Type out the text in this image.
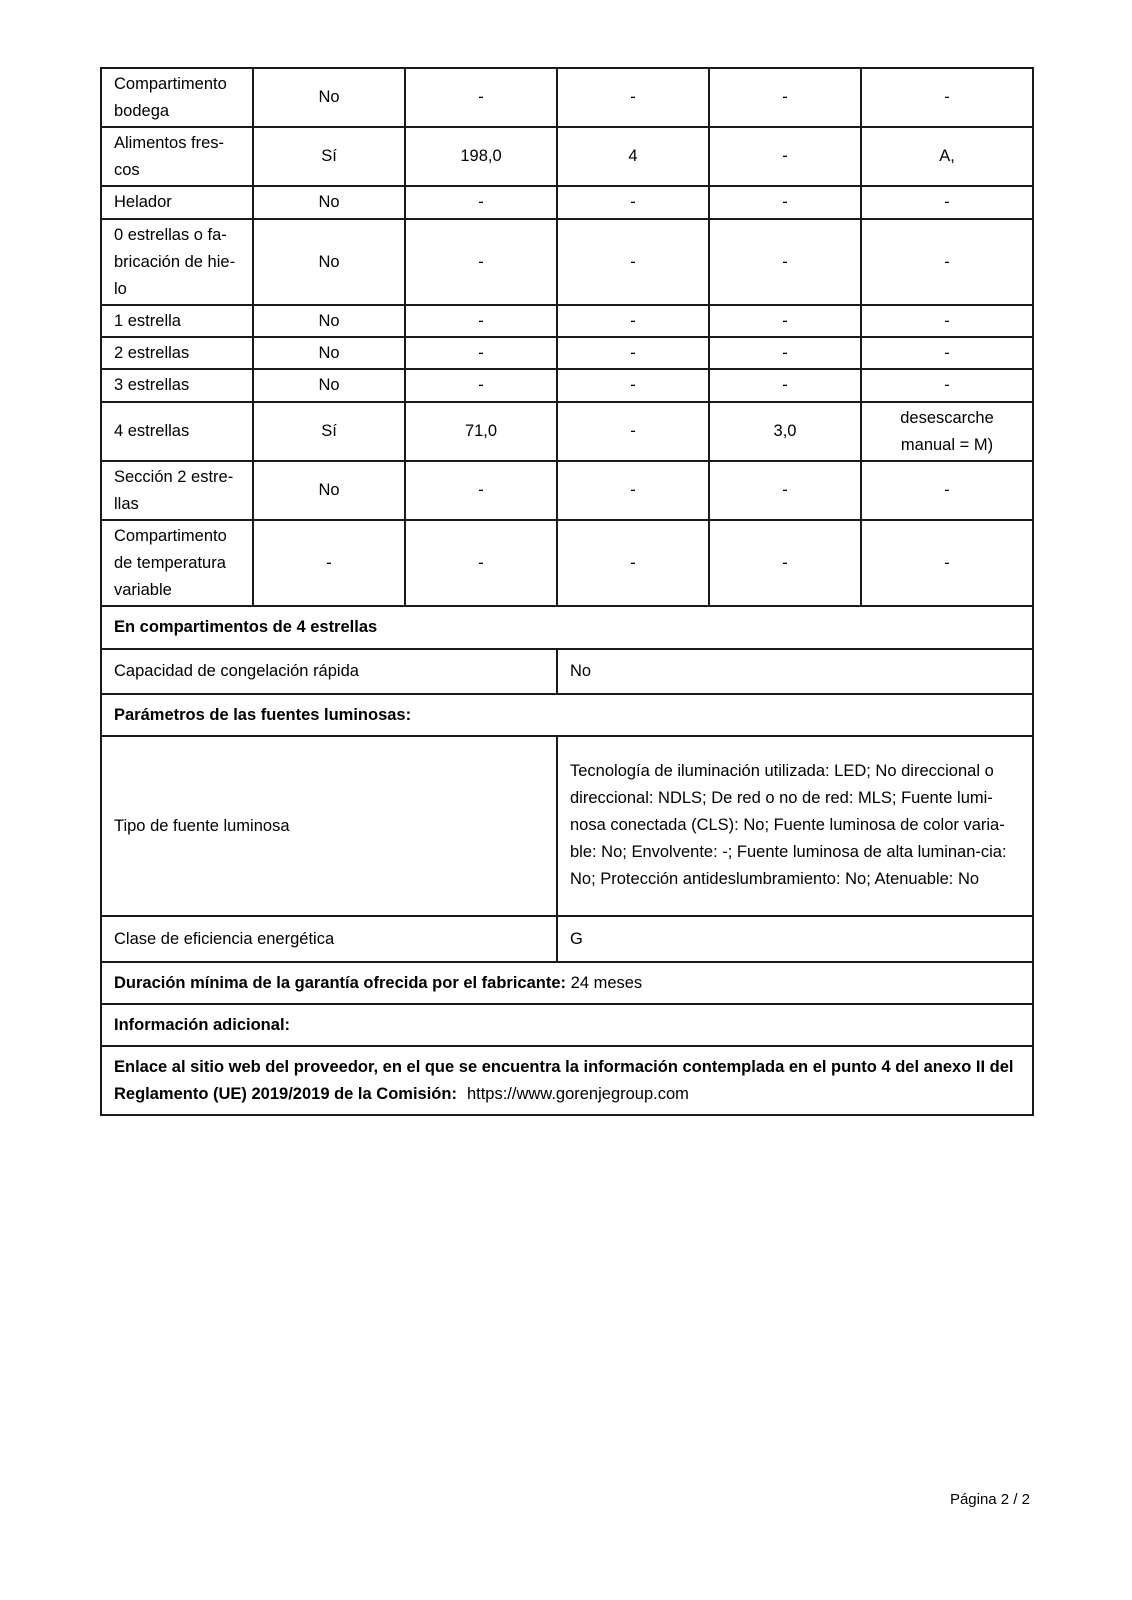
Compartimento bodega	No	-	-	-	-
Alimentos fres-cos	Sí	198,0	4	-	A,
Helador	No	-	-	-	-
0 estrellas o fa-bricación de hie-lo	No	-	-	-	-
1 estrella	No	-	-	-	-
2 estrellas	No	-	-	-	-
3 estrellas	No	-	-	-	-
4 estrellas	Sí	71,0	-	3,0	desescarche manual = M)
Sección 2 estre-llas	No	-	-	-	-
Compartimento de temperatura variable	-	-	-	-	-
En compartimentos de 4 estrellas					
Capacidad de congelación rápida			No		
Parámetros de las fuentes luminosas:					
Tipo de fuente luminosa			Tecnología de iluminación utilizada: LED; No direccional o direccional: NDLS; De red o no de red: MLS; Fuente lumi-nosa conectada (CLS): No; Fuente luminosa de color varia-ble: No; Envolvente: -; Fuente luminosa de alta luminan-cia: No; Protección antideslumbramiento: No; Atenuable: No		
Clase de eficiencia energética			G		
Duración mínima de la garantía ofrecida por el fabricante: 24 meses					
Información adicional:					
Enlace al sitio web del proveedor, en el que se encuentra la información contemplada en el punto 4 del anexo II del Reglamento (UE) 2019/2019 de la Comisión: https://www.gorenjegroup.com					
Página 2 / 2
